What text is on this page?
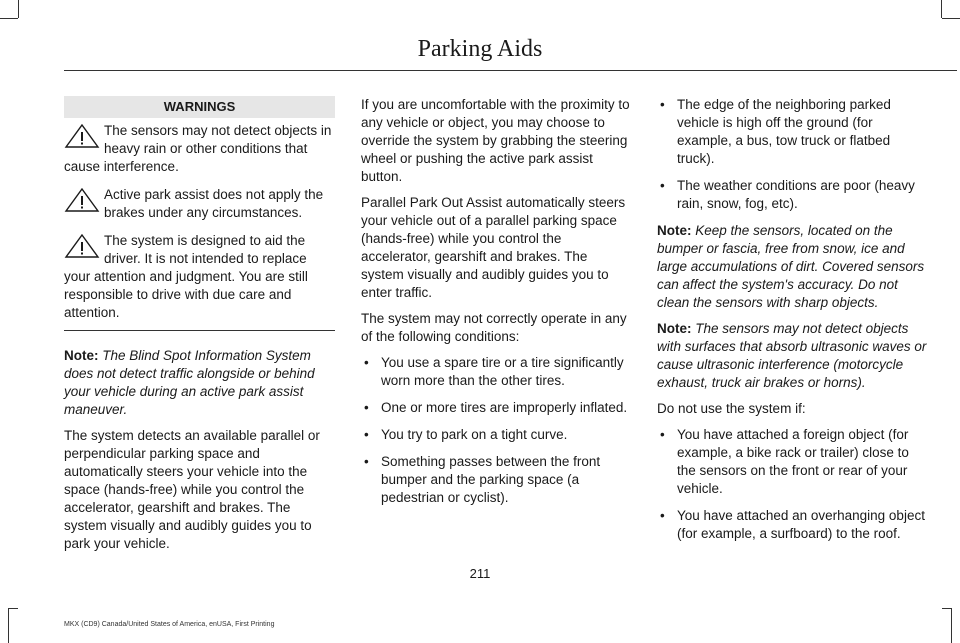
Parking Aids
WARNINGS
The sensors may not detect objects in heavy rain or other conditions that cause interference.
Active park assist does not apply the brakes under any circumstances.
The system is designed to aid the driver. It is not intended to replace your attention and judgment. You are still responsible to drive with due care and attention.

Note: The Blind Spot Information System does not detect traffic alongside or behind your vehicle during an active park assist maneuver.

The system detects an available parallel or perpendicular parking space and automatically steers your vehicle into the space (hands-free) while you control the accelerator, gearshift and brakes. The system visually and audibly guides you to park your vehicle.

If you are uncomfortable with the proximity to any vehicle or object, you may choose to override the system by grabbing the steering wheel or pushing the active park assist button.

Parallel Park Out Assist automatically steers your vehicle out of a parallel parking space (hands-free) while you control the accelerator, gearshift and brakes. The system visually and audibly guides you to enter traffic.

The system may not correctly operate in any of the following conditions:

• You use a spare tire or a tire significantly worn more than the other tires.
• One or more tires are improperly inflated.
• You try to park on a tight curve.
• Something passes between the front bumper and the parking space (a pedestrian or cyclist).
• The edge of the neighboring parked vehicle is high off the ground (for example, a bus, tow truck or flatbed truck).
• The weather conditions are poor (heavy rain, snow, fog, etc).

Note: Keep the sensors, located on the bumper or fascia, free from snow, ice and large accumulations of dirt. Covered sensors can affect the system's accuracy. Do not clean the sensors with sharp objects.

Note: The sensors may not detect objects with surfaces that absorb ultrasonic waves or cause ultrasonic interference (motorcycle exhaust, truck air brakes or horns).

Do not use the system if:

• You have attached a foreign object (for example, a bike rack or trailer) close to the sensors on the front or rear of your vehicle.
• You have attached an overhanging object (for example, a surfboard) to the roof.
211
MKX (CD9) Canada/United States of America, enUSA, First Printing
